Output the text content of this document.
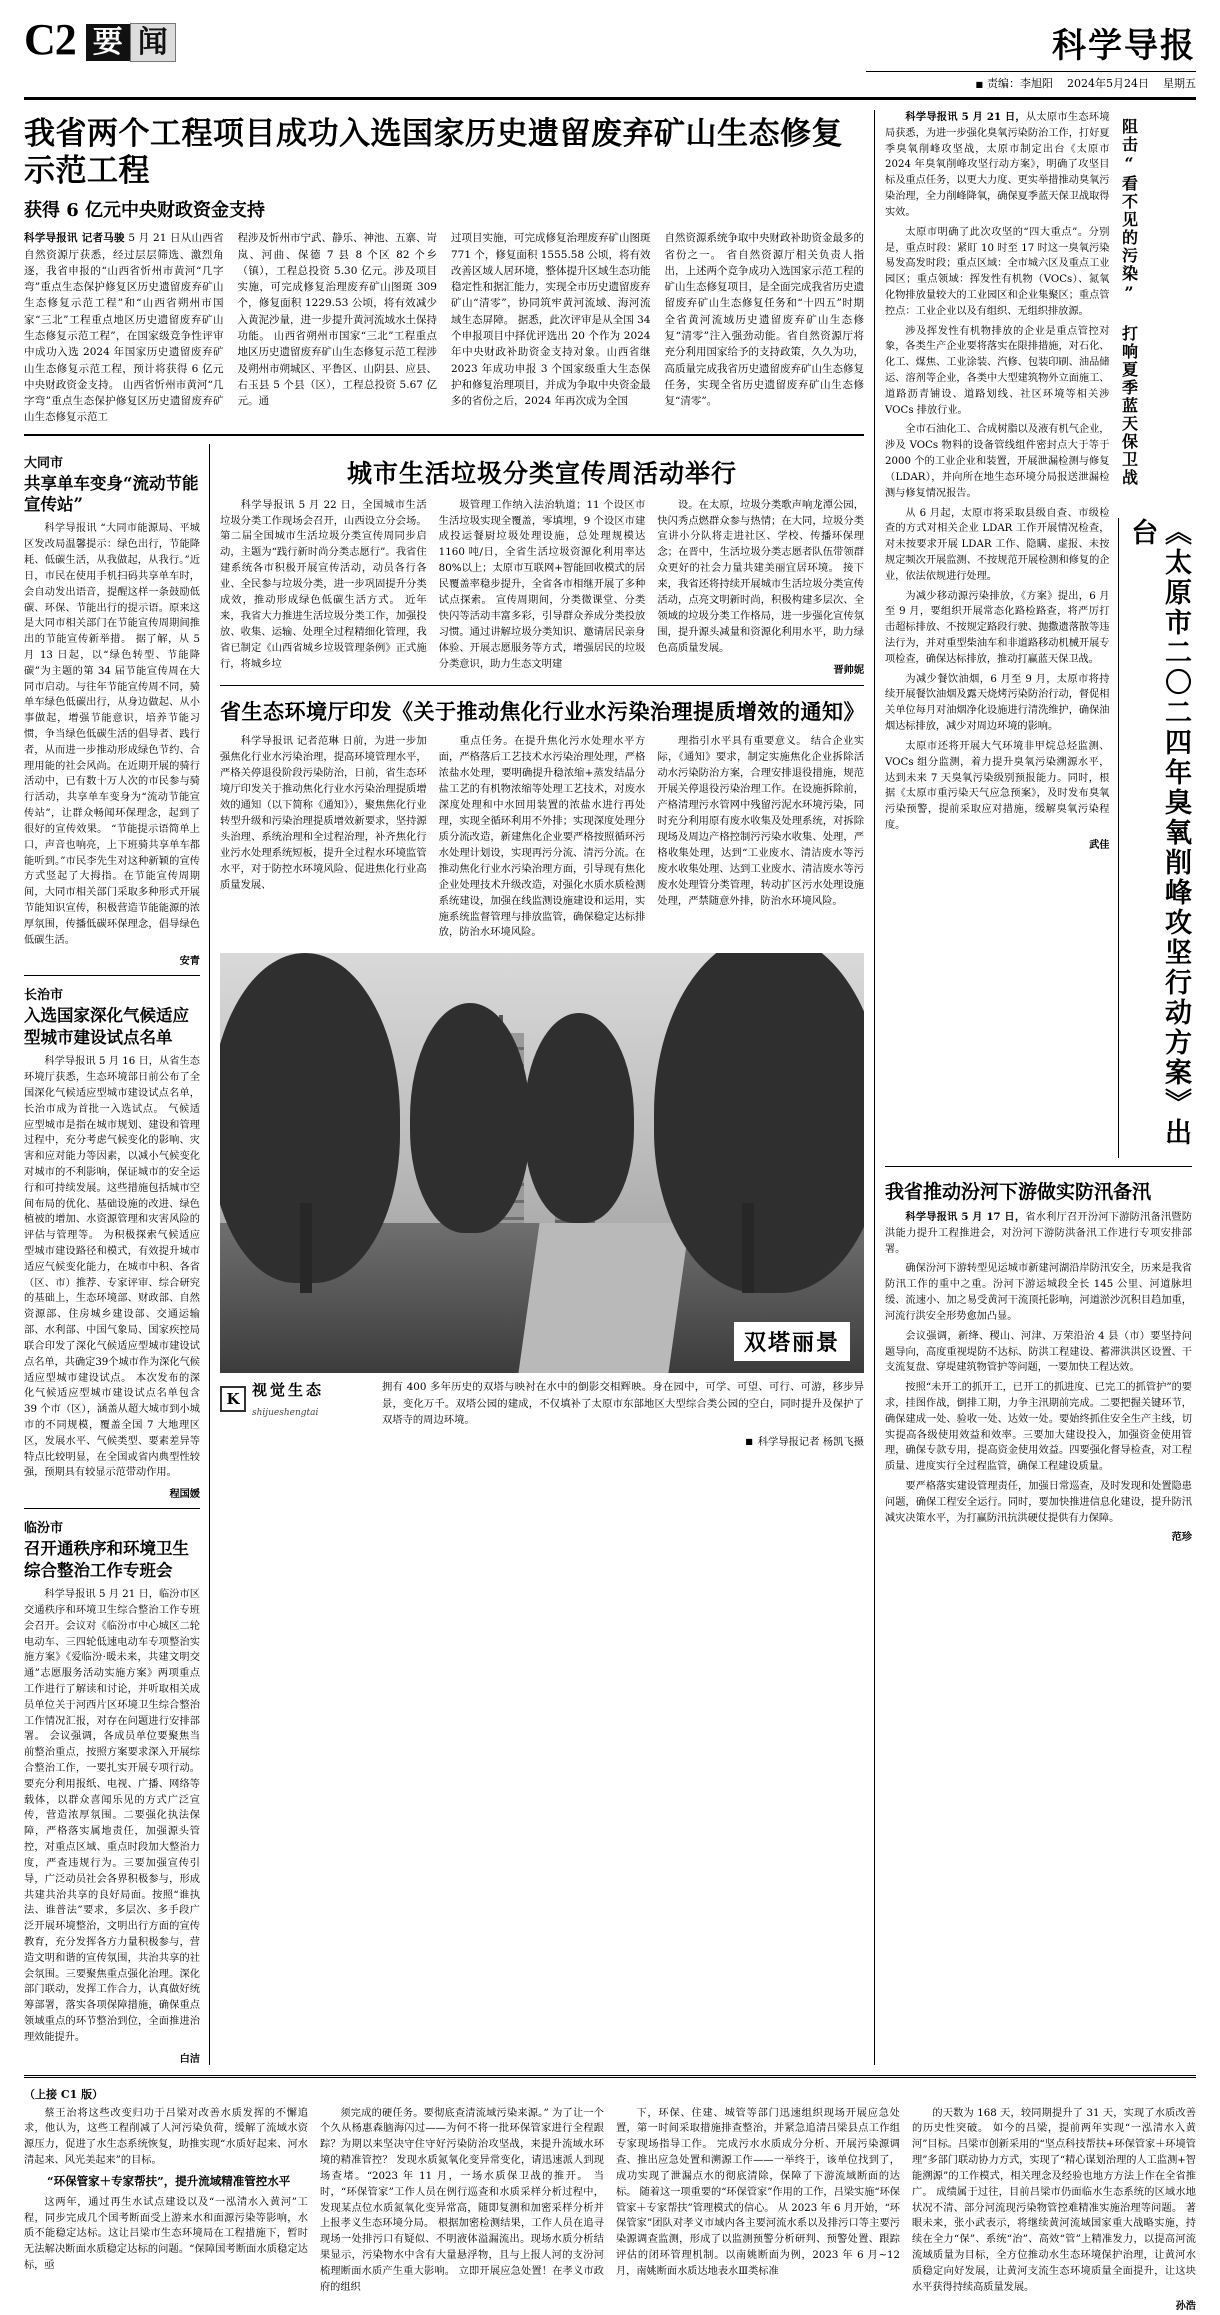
C2 要 闻	科学导报
■ 责编：李旭阳 2024年5月24日 星期五
我省两个工程项目成功入选国家历史遗留废弃矿山生态修复示范工程
获得 6 亿元中央财政资金支持
科学导报讯 记者马骏 5 月 21 日从山西省自然资源厅获悉，经过层层筛选、激烈角逐，我省申报的“山西省忻州市黄河“几字弯”重点生态保护修复区历史遗留废弃矿山生态修复示范工程”和“山西省朔州市国家“三北”工程重点地区历史遗留废弃矿山生态修复示范工程”，在国家级竞争性评审中成功入选 2024 年国家历史遗留废弃矿山生态修复示范工程，预计将获得 6 亿元中央财政资金支持。 山西省忻州市黄河“几字弯”重点生态保护修复区历史遗留废弃矿山生态修复示范工
程涉及忻州市宁武、静乐、神池、五寨、岢岚、河曲、保德 7 县 8 个区 82 个乡（镇），工程总投资 5.30 亿元。涉及项目实施，可完成修复治理废弃矿山图斑 309 个，修复面积 1229.53 公顷，将有效减少入黄泥沙量，进一步提升黄河流域水土保持功能。 山西省朔州市国家“三北”工程重点地区历史遗留废弃矿山生态修复示范工程涉及朔州市朔城区、平鲁区、山阴县、应县、右玉县 5 个县（区），工程总投资 5.67 亿元。通
过项目实施，可完成修复治理废弃矿山图斑 771 个，修复面积 1555.58 公顷，将有效改善区域人居环境，整体提升区域生态功能稳定性和据汇能力，实现全市历史遗留废弃矿山“清零”，协同筑牢黄河流域、海河流域生态屏障。 据悉，此次评审是从全国 34 个申报项目中择优评选出 20 个作为 2024 年中央财政补助资金支持对象。山西省继 2023 年成功申报 3 个国家级重大生态保护和修复治理项目，并成为争取中央资金最多的省份之后，2024 年再次成为全国
自然资源系统争取中央财政补助资金最多的省份之一。 省自然资源厅相关负责人指出，上述两个竞争成功入选国家示范工程的矿山生态修复项目，是全面完成我省历史遗留废弃矿山生态修复任务和“十四五”时期全省黄河流域历史遗留废弃矿山生态修复“清零”注入强劲动能。省自然资源厅将充分利用国家给予的支持政策，久久为功，高质量完成我省历史遗留废弃矿山生态修复任务，实现全省历史遗留废弃矿山生态修复“清零”。
大同市
共享单车变身“流动节能宣传站”

科学导报讯 “大同市能源局、平城区发改局温馨提示：绿色出行，节能降耗、低碳生活，从我做起，从我行。”近日，市民在使用手机扫码共享单车时，会自动发出语音，提醒这样一条鼓励低碳、环保、节能出行的提示语。原来这是大同市相关部门在节能宣传周期间推出的节能宣传新举措。 据了解，从 5 月 13 日起，以“绿色转型、节能降碳”为主题的第 34 届节能宣传周在大同市启动。与往年节能宣传周不同，骑单车绿色低碳出行，从身边做起、从小事做起，增强节能意识，培养节能习惯，争当绿色低碳生活的倡导者、践行者，从而进一步推动形成绿色节约、合理用能的社会风尚。在近期开展的骑行活动中，已有数十万人次的市民参与骑行活动，共享单车变身为“流动节能宣传站”，让群众畅闻环保理念，起到了很好的宣传效果。 “节能提示语简单上口，声音也响亮，上下班骑共享单车都能听到。”市民李先生对这种新颖的宣传方式竖起了大拇指。在节能宣传周期间，大同市相关部门采取多种形式开展节能知识宣传，积极营造节能能源的浓厚氛围，传播低碳环保理念，倡导绿色低碳生活。

安青
长治市
入选国家深化气候适应型城市建设试点名单

科学导报讯 5 月 16 日，从省生态环境厅获悉，生态环境部日前公布了全国深化气候适应型城市建设试点名单，长治市成为首批一入选试点。 气候适应型城市是指在城市规划、建设和管理过程中，充分考虑气候变化的影响、灾害和应对能力等因素，以减小气候变化对城市的不利影响，保证城市的安全运行和可持续发展。这些措施包括城市空间布局的优化、基础设施的改进、绿色植被的增加、水资源管理和灾害风险的评估与管理等。 为积极探索气候适应型城市建设路径和模式，有效提升城市适应气候变化能力，在城市中积、各省（区、市）推荐、专家评审、综合研究的基础上，生态环境部、财政部、自然资源部、住房城乡建设部、交通运输部、水利部、中国气象局、国家疾控局联合印发了深化气候适应型城市建设试点名单，共确定39个城市作为深化气候适应型城市建设试点。 本次发布的深化气候适应型城市建设试点名单包含 39 个市（区），涵盖从超大城市到小城市的不同规模，覆盖全国 7 大地理区区，发展水平、气候类型、要素差异等特点比较明显，在全国或省内典型性较强，预期具有较显示范带动作用。

程国媛
临汾市
召开通秩序和环境卫生综合整治工作专班会

科学导报讯 5 月 21 日，临汾市区交通秩序和环境卫生综合整治工作专班会召开。会议对《临汾市中心城区二轮电动车、三四轮低速电动车专项整治实施方案》《爱临汾·暖未来，共建文明交通”志愿服务活动实施方案》两项重点工作进行了解读和讨论，并听取相关成员单位关于河西片区环境卫生综合整治工作情况汇报，对存在问题进行安排部署。 会议强调，各成员单位要聚焦当前整治重点，按照方案要求深入开展综合整治工作，一要扎实开展专项行动。要充分利用报纸、电视、广播、网络等载体，以群众喜闻乐见的方式广泛宣传，营造浓厚氛围。二要强化执法保障，严格落实属地责任，加强源头管控，对重点区域、重点时段加大整治力度，严查违规行为。三要加强宣传引导，广泛动员社会各界积极参与，形成共建共治共享的良好局面。按照“谁执法、谁普法”要求，多层次、多手段广泛开展环境整治，文明出行方面的宣传教育，充分发挥各方力量积极参与，营造文明和谐的宣传氛围，共治共享的社会氛围。三要聚焦重点强化治理。深化部门联动，发挥工作合力，认真做好统筹部署，落实各项保障措施，确保重点领域重点的环节整治到位，全面推进治理效能提升。

白洁
城市生活垃圾分类宣传周活动举行

科学导报讯 5 月 22 日，全国城市生活垃圾分类工作现场会召开，山西设立分会场。第二届全国城市生活垃圾分类宣传周同步启动，主题为“践行新时尚分类志愿行”。我省住建系统各市积极开展宣传活动，动员各行各业、全民参与垃圾分类，进一步巩固提升分类成效，推动形成绿色低碳生活方式。 近年来，我省大力推进生活垃圾分类工作，加强投放、收集、运输、处理全过程精细化管理，我省已制定《山西省城乡垃圾管理条例》正式施行，将城乡垃

圾管理工作纳入法治轨道；11 个设区市生活垃圾实现全覆盖，零填埋，9 个设区市建成投运餐厨垃圾处理设施，总处理规模达 1160 吨/日，全省生活垃圾资源化利用率达 80%以上；太原市互联网+智能回收模式的居民覆盖率稳步提升，全省各市相继开展了多种试点探索。 宣传周期间，分类微课堂、分类快闪等活动丰富多彩，引导群众养成分类投放习惯。通过讲解垃圾分类知识、邀请居民亲身体验、开展志愿服务等方式，增强居民的垃圾分类意识，助力生态文明建

设。在太原，垃圾分类歌声响龙潭公园，快闪秀点燃群众参与热情；在大同，垃圾分类宣讲小分队将走进社区、学校、传播环保理念；在晋中，生活垃圾分类志愿者队伍带领群众更好的社会力量共建美丽宜居环境。 接下来，我省还将持续开展城市生活垃圾分类宣传活动，点亮文明新时尚，积极构建多层次、全领域的垃圾分类工作格局，进一步强化宣传氛围，提升源头减量和资源化利用水平，助力绿色高质量发展。

晋帅妮
省生态环境厅印发《关于推动焦化行业水污染治理提质增效的通知》

科学导报讯 记者范琳 日前，为进一步加强焦化行业水污染治理，提高环境管理水平，严格关停退役阶段污染防治，日前，省生态环境厅印发关于推动焦化行业水污染治理提质增效的通知（以下简称《通知》），聚焦焦化行业转型升级和污染治理提质增效新要求，坚持源头治理、系统治理和全过程治理，补齐焦化行业污水处理系统短板，提升全过程水环境监管水平，对于防控水环境风险、促进焦化行业高质量发展、

重点任务。在提升焦化污水处理水平方面，严格落后工艺技术水污染治理处理，严格浓盐水处理，要明确提升稳浓缩+蒸发结晶分盐工艺的有机物浓缩等处理工艺技术，对废水深度处理和中水回用装置的浓盐水进行再处理，实现全循环利用不外排；实现深度处理分质分流改造，新建焦化企业要严格按照循环污水处理计划设，实现再污分流、清污分流。在推动焦化行业水污染治理方面，引导现有焦化企业处理技术升级改造，对强化水质水质检测系统建设，加强在线监测设施建设和运用，实施系统监督管理与排放监管，确保稳定达标排放，防治水环境风险。

理指引水平具有重要意义。 结合企业实际，《通知》要求，制定实施焦化企业拆除活动水污染防治方案，合理安排退役措施，规范开展关停退役污染治理工作。在设施拆除前，产格清理污水管网中残留污泥水环境污染，同时充分利用原有废水收集及处理系统，对拆除现场及周边产格控制污污染水收集、处理，严格收集处理，达到“工业废水、清洁废水等污废水收集处理、达到工业废水、清洁废水等污废水处理管分类管理，转动扩区污水处理设施处理，严禁随意外排，防治水环境风险。

双塔丽景
K 视觉生态
shijueshengtai
拥有 400 多年历史的双塔与映衬在水中的倒影交相辉映。身在园中，可学、可望、可行、可游，移步异景，变化万千。双塔公园的建成，不仅填补了太原市东部地区大型综合类公园的空白，同时提升及保护了双塔寺的周边环境。
■ 科学导报记者 杨凯飞摄

科学导报讯 5 月 21 日，从太原市生态环境局获悉，为进一步强化臭氧污染防治工作，打好夏季臭氧削峰攻坚战，太原市制定出台《太原市 2024 年臭氧削峰攻坚行动方案》，明确了攻坚目标及重点任务，以更大力度、更实举措推动臭氧污染治理，全力削峰降氧，确保夏季蓝天保卫战取得实效。

太原市明确了此次攻坚的“四大重点”。分别是，重点时段：紧盯 10 时至 17 时这一臭氧污染易发高发时段；重点区域：全市城六区及重点工业园区；重点领域：挥发性有机物（VOCs）、氮氧化物排放量较大的工业园区和企业集聚区；重点管控点：工业企业以及有组织、无组织排放源。

涉及挥发性有机物排放的企业是重点管控对象，各类生产企业要将落实在限排措施，对石化、化工、煤焦、工业涂装、汽修、包装印刷、油品储运、溶剂等企业，各类中大型建筑物外立面施工、道路沥青铺设、道路划线、社区环境等相关涉 VOCs 排放行业。

全市石油化工、合成树脂以及液有机气企业，涉及 VOCs 物料的设备管线组件密封点大于等于 2000 个的工业企业和装置，开展泄漏检测与修复（LDAR），并向所在地生态环境分局报送泄漏检测与修复情况报告。

从 6 月起，太原市将采取县级自查、市级检查的方式对相关企业 LDAR 工作开展情况检查，对未按要求开展 LDAR 工作、隐瞒、虚报、未按规定频次开展监测、不按规范开展检测和修复的企业，依法依规进行处理。

为减少移动源污染排放，《方案》提出，6 月至 9 月，要组织开展常态化路检路查，将严厉打击超标排放、不按规定路段行驶、抛撒遗落散等违法行为，并对重型柴油车和非道路移动机械开展专项检查，确保达标排放，推动打赢蓝天保卫战。

为减少餐饮油烟，6 月至 9 月，太原市将持续开展餐饮油烟及露天烧烤污染防治行动，督促相关单位每月对油烟净化设施进行清洗维护，确保油烟达标排放，减少对周边环境的影响。

太原市还将开展大气环境非甲烷总烃监测、VOCs 组分监测，着力提升臭氧污染溯源水平，达到未来 7 天臭氧污染级别预报能力。同时，根据《太原市重污染天气应急预案》，及时发布臭氧污染预警，提前采取应对措施，缓解臭氧污染程度。

武佳
阻击“看不见的污染” 打响夏季蓝天保卫战
《太原市二〇二四年臭氧削峰攻坚行动方案》出台
我省推动汾河下游做实防汛备汛

科学导报讯 5 月 17 日，省水利厅召开汾河下游防汛备汛暨防洪能力提升工程推进会，对汾河下游防洪备汛工作进行专项安排部署。

确保汾河下游转型见运城市新建河湖沿岸防汛安全，历来是我省防汛工作的重中之重。汾河下游运城段全长 145 公里、河道脉坦缓、流速小、加之易受黄河干流顶托影响，河道淤沙沉积目趋加重，河流行洪安全形势愈加凸显。

会议强调，新绛、稷山、河津、万荣沿治 4 县（市）要坚持问题导向，高度重视堤防不达标、防洪工程建设、蓄滞洪洪区设置、干支流复盘、穿堤建筑物管护等问题，一要加快工程达效。

按照“未开工的抓开工，已开工的抓进度、已完工的抓管护”的要求，挂图作战，倒排工期，力争主汛期前完成。二要把握关键环节，确保建成一处、验收一处、达效一处。要始终抓住安全生产主线，切实提高各级使用效益和效率。三要加大建设投入，加强资金使用管理，确保专款专用，提高资金使用效益。四要强化督导检查，对工程质量、进度实行全过程监管，确保工程建设质量。

要严格落实建设管理责任，加强日常巡查，及时发现和处置隐患问题，确保工程安全运行。同时，要加快推进信息化建设，提升防汛减灾决策水平，为打赢防汛抗洪硬仗提供有力保障。

范珍
（上接 C1 版）

蔡王治将这些改变归功于吕梁对改善水质发挥的不懈追求，他认为，这些工程削减了人河污染负荷，缓解了流域水资源压力，促进了水生态系统恢复，助推实现“水质好起来、河水清起来、风光美起来”的目标。

“环保管家＋专家帮扶”，提升流域精准管控水平

这两年，通过再生水试点建设以及“一泓清水入黄河”工程，同步完成几个国考断面受上游来水和面源污染等影响，水质不能稳定达标。这让吕梁市生态环境局在工程措施下，暂时无法解决断面水质稳定达标的问题。“保障国考断面水质稳定达标，亟

须完成的硬任务。要彻底查清流域污染来源。” 为了让一个个久从杨惠森脑海闪过——为何不将一批环保管家进行全程跟踪？为期以来坚决守住守好污染防治攻坚战，来提升流域水环境的精准管控？ 发现水质氮氧化变异常变化，请迅速派人到现场查堵。“2023 年 11 月，一场水质保卫战的推开。 当时，“环保管家”工作人员在例行巡查和水质采样分析过程中，发现某点位水质氮氧化变异常高，随即复测和加密采样分析并上报孝义生态环境分局。 根据加密检测结果，工作人员在追寻现场一处排污口有疑似、不明液体溢漏流出。现场水质分析结果显示，污染物水中含有大量悬浮物，且与上报人河的支汾河梳理断面水质产生重大影响。 立即开展应急处置！在孝义市政府的组织

下，环保、住建、城管等部门迅速组织现场开展应急处置，第一时间采取措施排查整治，并紧急追清吕梁县点工作组专家现场指导工作。 完成污水水质成分分析、开展污染源调查、推出应急处置和溯源工作——一举终于，该单位找到了，成功实现了泄漏点水的彻底清除，保障了下游流域断面的达标。 随着这一项重要的“环保管家”作用的工作，吕梁实施“环保管家＋专家帮扶”管理模式的信心。 从 2023 年 6 月开始，“环保管家”团队对孝义市域内各主要河流水系以及排污口等主要污染源调查监测，形成了以监测预警分析研判、预警处置、跟踪评估的闭环管理机制。以南姚断面为例，2023 年 6 月~12 月，南姚断面水质达地表水Ⅲ类标准

的天数为 168 天，较同期提升了 31 天，实现了水质改善的历史性突破。 如今的吕梁，提前两年实现“一泓清水入黄河”目标。吕梁市创新采用的“坚点科技帮扶+环保管家＋环境管理”多部门联动协力方式，实现了“精心谋划治理的人工监测+智能溯源”的工作模式，相关理念及经验也地方方法上作在全省推广。 成绩属于过往，目前吕梁市仍面临水生态系统的区域水地状况不清、部分河流现污染物管控难精准实施治理等问题。 著眼未来，张小武表示，将继续黄河流域国家重大战略实施，持续在全力“保”、系统“治”、高效“管”上精准发力，以提高河流流域质量为目标，全方位推动水生态环境保护治理，让黄河水质稳定向好发展，让黄河支流生态环境质量全面提升，让这块水平获得持续高质量发展。

孙浩
